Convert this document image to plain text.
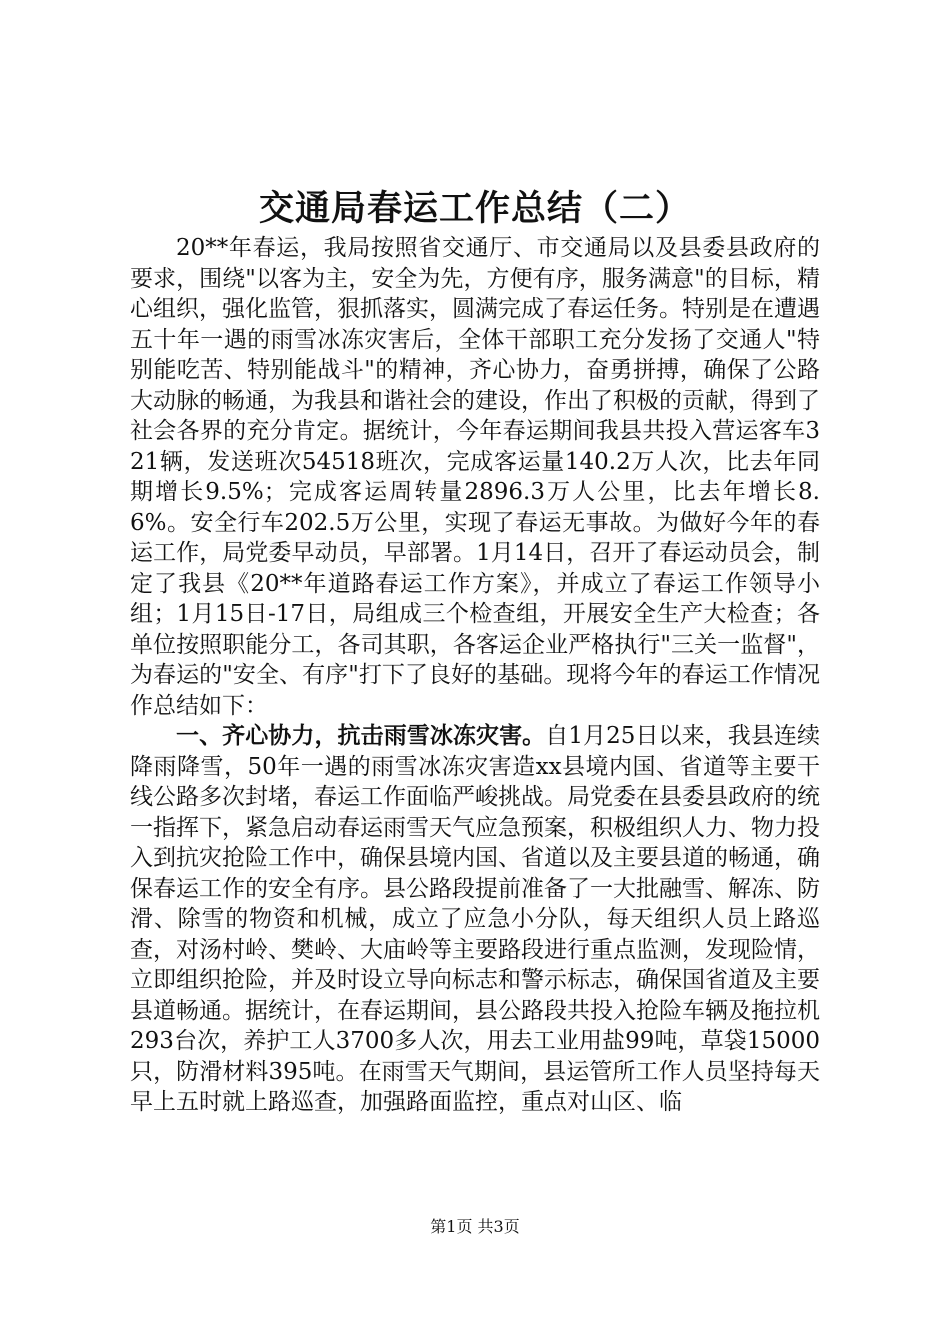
交通局春运工作总结（二）

20**年春运，我局按照省交通厅、市交通局以及县委县政府的要求，围绕"以客为主，安全为先，方便有序，服务满意"的目标，精心组织，强化监管，狠抓落实，圆满完成了春运任务。特别是在遭遇五十年一遇的雨雪冰冻灾害后，全体干部职工充分发扬了交通人"特别能吃苦、特别能战斗"的精神，齐心协力，奋勇拼搏，确保了公路大动脉的畅通，为我县和谐社会的建设，作出了积极的贡献，得到了社会各界的充分肯定。据统计，今年春运期间我县共投入营运客车321辆，发送班次54518班次，完成客运量140.2万人次，比去年同期增长9.5%；完成客运周转量2896.3万人公里，比去年增长8.6%。安全行车202.5万公里，实现了春运无事故。为做好今年的春运工作，局党委早动员，早部署。1月14日，召开了春运动员会，制定了我县《20**年道路春运工作方案》，并成立了春运工作领导小组；1月15日-17日，局组成三个检查组，开展安全生产大检查；各单位按照职能分工，各司其职，各客运企业严格执行"三关一监督"，为春运的"安全、有序"打下了良好的基础。现将今年的春运工作情况作总结如下：

一、齐心协力，抗击雨雪冰冻灾害。自1月25日以来，我县连续降雨降雪，50年一遇的雨雪冰冻灾害造xx县境内国、省道等主要干线公路多次封堵，春运工作面临严峻挑战。局党委在县委县政府的统一指挥下，紧急启动春运雨雪天气应急预案，积极组织人力、物力投入到抗灾抢险工作中，确保县境内国、省道以及主要县道的畅通，确保春运工作的安全有序。县公路段提前准备了一大批融雪、解冻、防滑、除雪的物资和机械，成立了应急小分队，每天组织人员上路巡查，对汤村岭、樊岭、大庙岭等主要路段进行重点监测，发现险情，立即组织抢险，并及时设立导向标志和警示标志，确保国省道及主要县道畅通。据统计，在春运期间，县公路段共投入抢险车辆及拖拉机293台次，养护工人3700多人次，用去工业用盐99吨，草袋15000只，防滑材料395吨。在雨雪天气期间，县运管所工作人员坚持每天早上五时就上路巡查，加强路面监控，重点对山区、临

第1页 共3页
